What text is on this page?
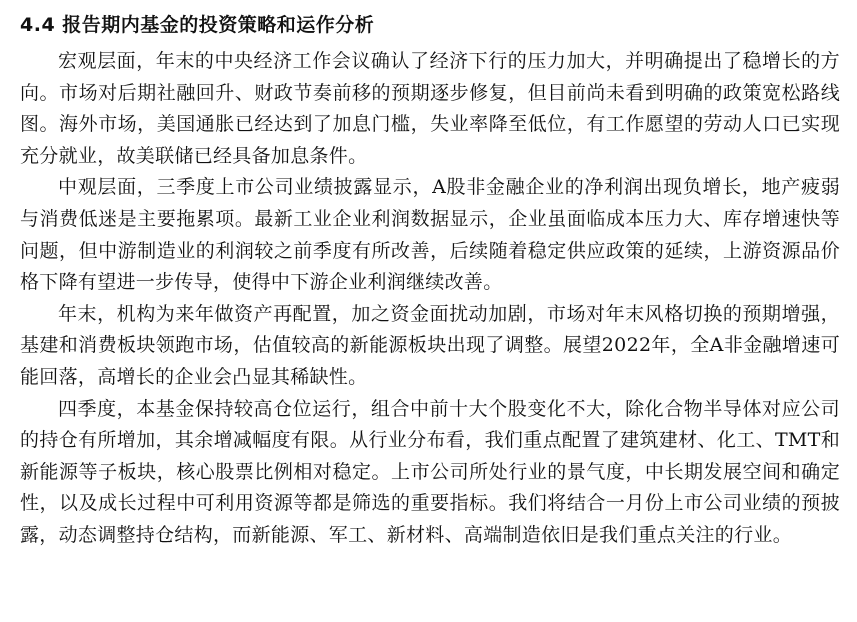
4.4 报告期内基金的投资策略和运作分析

宏观层面，年末的中央经济工作会议确认了经济下行的压力加大，并明确提出了稳增长的方向。市场对后期社融回升、财政节奏前移的预期逐步修复，但目前尚未看到明确的政策宽松路线图。海外市场，美国通胀已经达到了加息门槛，失业率降至低位，有工作愿望的劳动人口已实现充分就业，故美联储已经具备加息条件。

中观层面，三季度上市公司业绩披露显示，A股非金融企业的净利润出现负增长，地产疲弱与消费低迷是主要拖累项。最新工业企业利润数据显示，企业虽面临成本压力大、库存增速快等问题，但中游制造业的利润较之前季度有所改善，后续随着稳定供应政策的延续，上游资源品价格下降有望进一步传导，使得中下游企业利润继续改善。

年末，机构为来年做资产再配置，加之资金面扰动加剧，市场对年末风格切换的预期增强，基建和消费板块领跑市场，估值较高的新能源板块出现了调整。展望2022年，全A非金融增速可能回落，高增长的企业会凸显其稀缺性。

四季度，本基金保持较高仓位运行，组合中前十大个股变化不大，除化合物半导体对应公司的持仓有所增加，其余增减幅度有限。从行业分布看，我们重点配置了建筑建材、化工、TMT和新能源等子板块，核心股票比例相对稳定。上市公司所处行业的景气度，中长期发展空间和确定性，以及成长过程中可利用资源等都是筛选的重要指标。我们将结合一月份上市公司业绩的预披露，动态调整持仓结构，而新能源、军工、新材料、高端制造依旧是我们重点关注的行业。
